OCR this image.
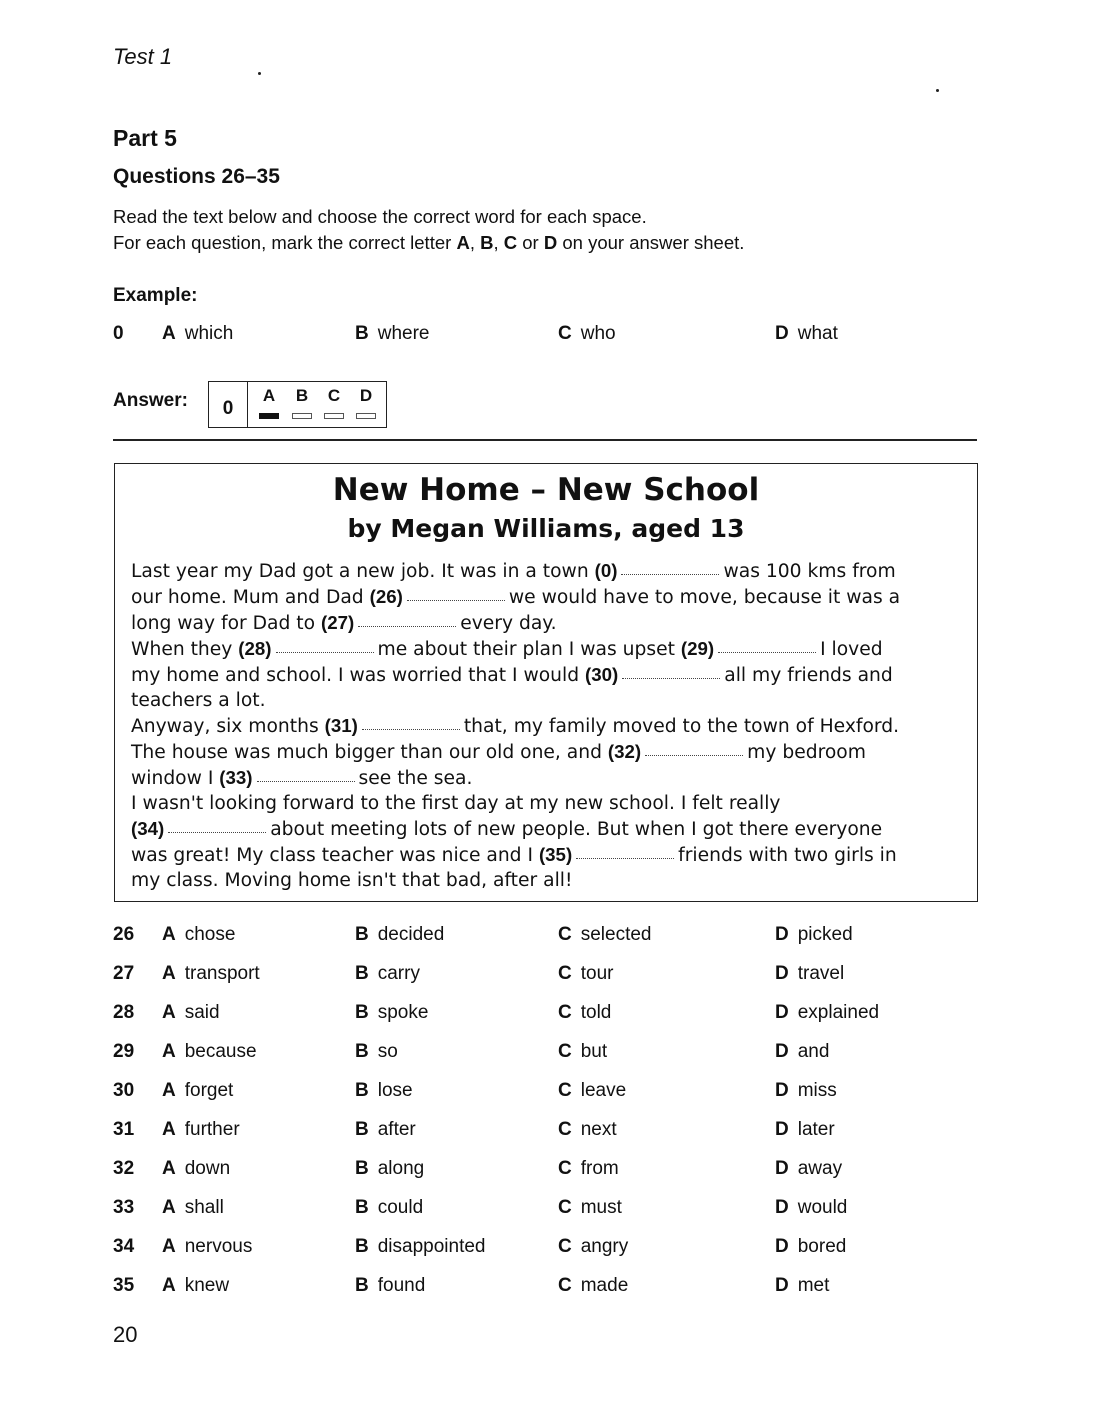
Test 1
Part 5
Questions 26–35
Read the text below and choose the correct word for each space.
For each question, mark the correct letter A, B, C or D on your answer sheet.
Example:
0 A which	B where	C who	D what
Answer:	0
A B C D
New Home – New School
by Megan Williams, aged 13
Last year my Dad got a new job. It was in a town (0)	was 100 kms from
our home. Mum and Dad (26)	we would have to move, because it was a
long way for Dad to (27)	every day.
When they (28)	me about their plan I was upset (29)	I loved
my home and school. I was worried that I would (30)	all my friends and
teachers a lot.
Anyway, six months (31)	that, my family moved to the town of Hexford.
The house was much bigger than our old one, and (32)	my bedroom
window I (33)	see the sea.
I wasn't looking forward to the first day at my new school. I felt really
(34)	about meeting lots of new people. But when I got there everyone
was great! My class teacher was nice and I (35)	friends with two girls in
my class. Moving home isn't that bad, after all!
26 A chose	B decided	C selected	D picked
27 A transport	B carry	C tour	D travel
28 A said	B spoke	C told	D explained
29 A because	B so	C but	D and
30 A forget	B lose	C leave	D miss
31 A further	B after	C next	D later
32 A down	B along	C from	D away
33 A shall	B could	C must	D would
34 A nervous	B disappointed	C angry	D bored
35 A knew	B found	C made	D met
20
